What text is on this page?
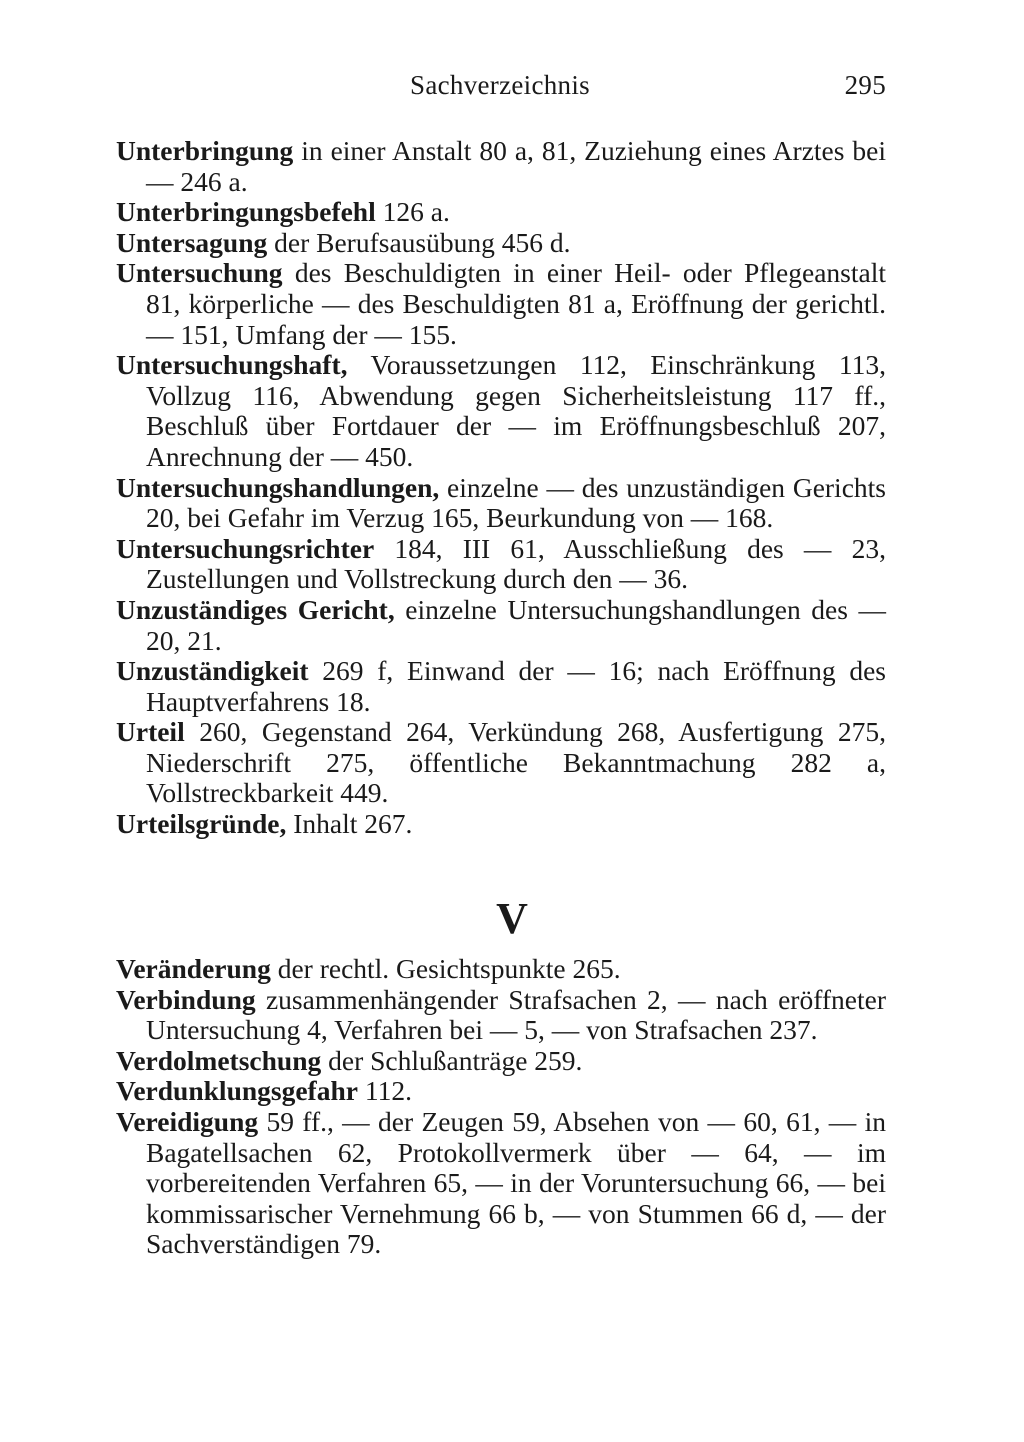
Sachverzeichnis	295

Unterbringung in einer Anstalt 80 a, 81, Zuziehung eines Arztes bei — 246 a.

Unterbringungsbefehl 126 a.

Untersagung der Berufsausübung 456 d.

Untersuchung des Beschuldigten in einer Heil- oder Pflegeanstalt 81, körperliche — des Beschuldigten 81 a, Eröffnung der gerichtl. — 151, Umfang der — 155.

Untersuchungshaft, Voraussetzungen 112, Einschränkung 113, Vollzug 116, Abwendung gegen Sicherheitsleistung 117 ff., Beschluß über Fortdauer der — im Eröffnungsbeschluß 207, Anrechnung der — 450.

Untersuchungshandlungen, einzelne — des unzuständigen Gerichts 20, bei Gefahr im Verzug 165, Beurkundung von — 168.

Untersuchungsrichter 184, III 61, Ausschließung des — 23, Zustellungen und Vollstreckung durch den — 36.

Unzuständiges Gericht, einzelne Untersuchungshandlungen des — 20, 21.

Unzuständigkeit 269 f, Einwand der — 16; nach Eröffnung des Hauptverfahrens 18.

Urteil 260, Gegenstand 264, Verkündung 268, Ausfertigung 275, Niederschrift 275, öffentliche Bekanntmachung 282 a, Vollstreckbarkeit 449.

Urteilsgründe, Inhalt 267.

V

Veränderung der rechtl. Gesichtspunkte 265.

Verbindung zusammenhängender Strafsachen 2, — nach eröffneter Untersuchung 4, Verfahren bei — 5, — von Strafsachen 237.

Verdolmetschung der Schlußanträge 259.

Verdunklungsgefahr 112.

Vereidigung 59 ff., — der Zeugen 59, Absehen von — 60, 61, — in Bagatellsachen 62, Protokollvermerk über — 64, — im vorbereitenden Verfahren 65, — in der Voruntersuchung 66, — bei kommissarischer Vernehmung 66 b, — von Stummen 66 d, — der Sachverständigen 79.
